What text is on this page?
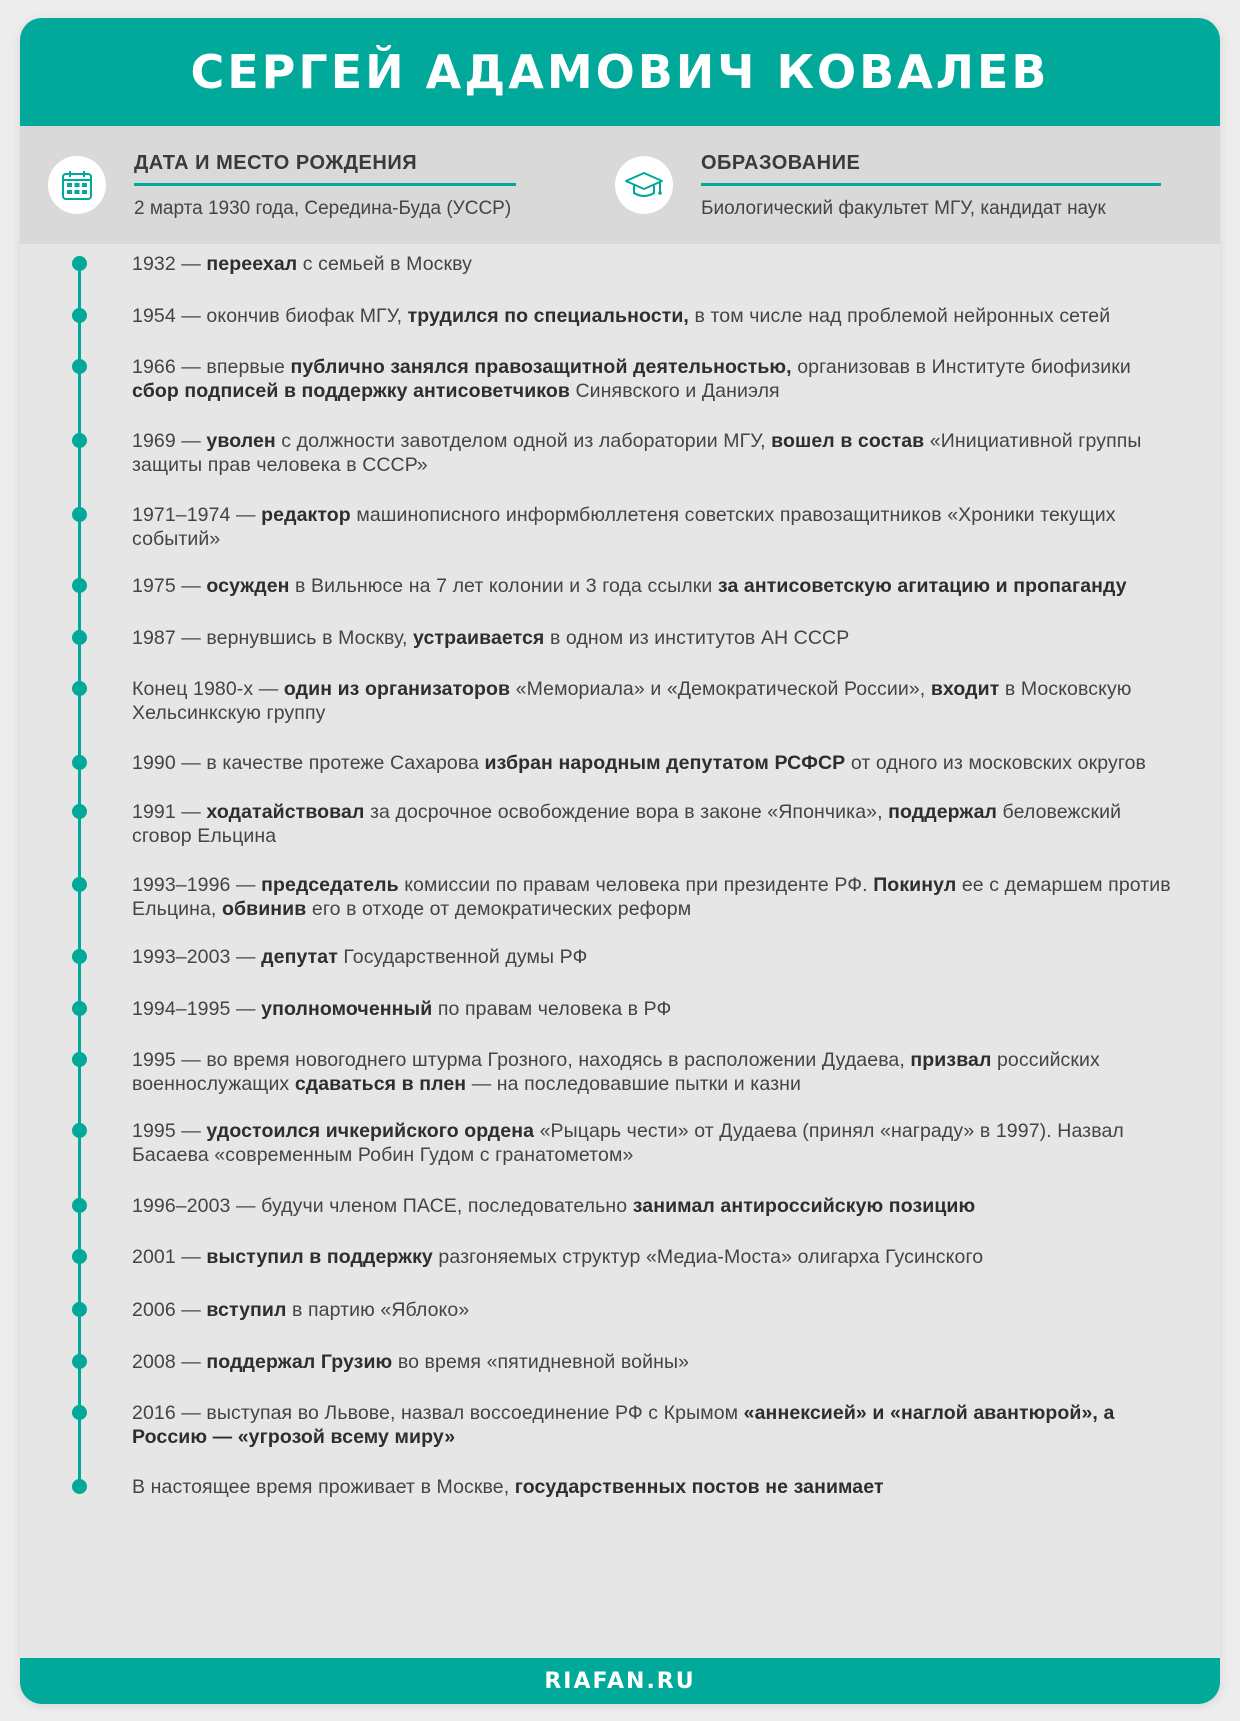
СЕРГЕЙ АДАМОВИЧ КОВАЛЕВ
ДАТА И МЕСТО РОЖДЕНИЯ
2 марта 1930 года, Середина-Буда (УССР)
ОБРАЗОВАНИЕ
Биологический факультет МГУ, кандидат наук
1932 — переехал с семьей в Москву
1954 — окончив биофак МГУ, трудился по специальности, в том числе над проблемой нейронных сетей
1966 — впервые публично занялся правозащитной деятельностью, организовав в Институте биофизики сбор подписей в поддержку антисоветчиков Синявского и Даниэля
1969 — уволен с должности завотделом одной из лаборатории МГУ, вошел в состав «Инициативной группы защиты прав человека в СССР»
1971–1974 — редактор машинописного информбюллетеня советских правозащитников «Хроники текущих событий»
1975 — осужден в Вильнюсе на 7 лет колонии и 3 года ссылки за антисоветскую агитацию и пропаганду
1987 — вернувшись в Москву, устраивается в одном из институтов АН СССР
Конец 1980-х — один из организаторов «Мемориала» и «Демократической России», входит в Московскую Хельсинкскую группу
1990 — в качестве протеже Сахарова избран народным депутатом РСФСР от одного из московских округов
1991 — ходатайствовал за досрочное освобождение вора в законе «Япончика», поддержал беловежский сговор Ельцина
1993–1996 — председатель комиссии по правам человека при президенте РФ. Покинул ее с демаршем против Ельцина, обвинив его в отходе от демократических реформ
1993–2003 — депутат Государственной думы РФ
1994–1995 — уполномоченный по правам человека в РФ
1995 — во время новогоднего штурма Грозного, находясь в расположении Дудаева, призвал российских военнослужащих сдаваться в плен — на последовавшие пытки и казни
1995 — удостоился ичкерийского ордена «Рыцарь чести» от Дудаева (принял «награду» в 1997). Назвал Басаева «современным Робин Гудом с гранатометом»
1996–2003 — будучи членом ПАСЕ, последовательно занимал антироссийскую позицию
2001 — выступил в поддержку разгоняемых структур «Медиа-Моста» олигарха Гусинского
2006 — вступил в партию «Яблоко»
2008 — поддержал Грузию во время «пятидневной войны»
2016 — выступая во Львове, назвал воссоединение РФ с Крымом «аннексией» и «наглой авантюрой», а Россию — «угрозой всему миру»
В настоящее время проживает в Москве, государственных постов не занимает
RIAFAN.RU
